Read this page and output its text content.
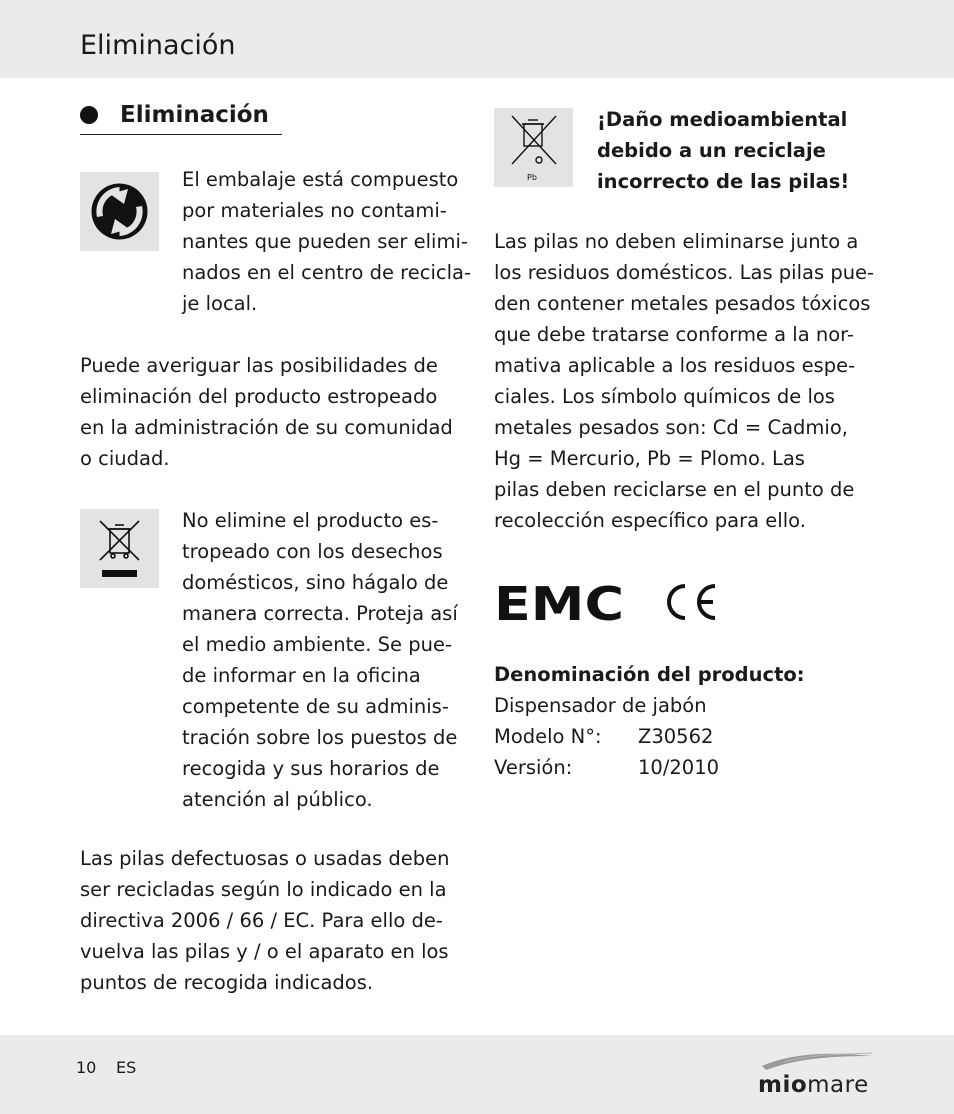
Eliminación
Eliminación
El embalaje está compuesto
por materiales no contami-
nantes que pueden ser elimi-
nados en el centro de recicla-
je local.
Puede averiguar las posibilidades de
eliminación del producto estropeado
en la administración de su comunidad
o ciudad.
No elimine el producto es-
tropeado con los desechos
domésticos, sino hágalo de
manera correcta. Proteja así
el medio ambiente. Se pue-
de informar en la oficina
competente de su adminis-
tración sobre los puestos de
recogida y sus horarios de
atención al público.
Las pilas defectuosas o usadas deben
ser recicladas según lo indicado en la
directiva 2006 / 66 / EC. Para ello de-
vuelva las pilas y / o el aparato en los
puntos de recogida indicados.
Pb
¡Daño medioambiental
debido a un reciclaje
incorrecto de las pilas!
Las pilas no deben eliminarse junto a
los residuos domésticos. Las pilas pue-
den contener metales pesados tóxicos
que debe tratarse conforme a la nor-
mativa aplicable a los residuos espe-
ciales. Los símbolo químicos de los
metales pesados son: Cd = Cadmio,
Hg = Mercurio, Pb = Plomo. Las
pilas deben reciclarse en el punto de
recolección específico para ello.
EMC
Denominación del producto:
Dispensador de jabón
Modelo N°: Z30562
Versión:	10/2010
10 ES
miomare
